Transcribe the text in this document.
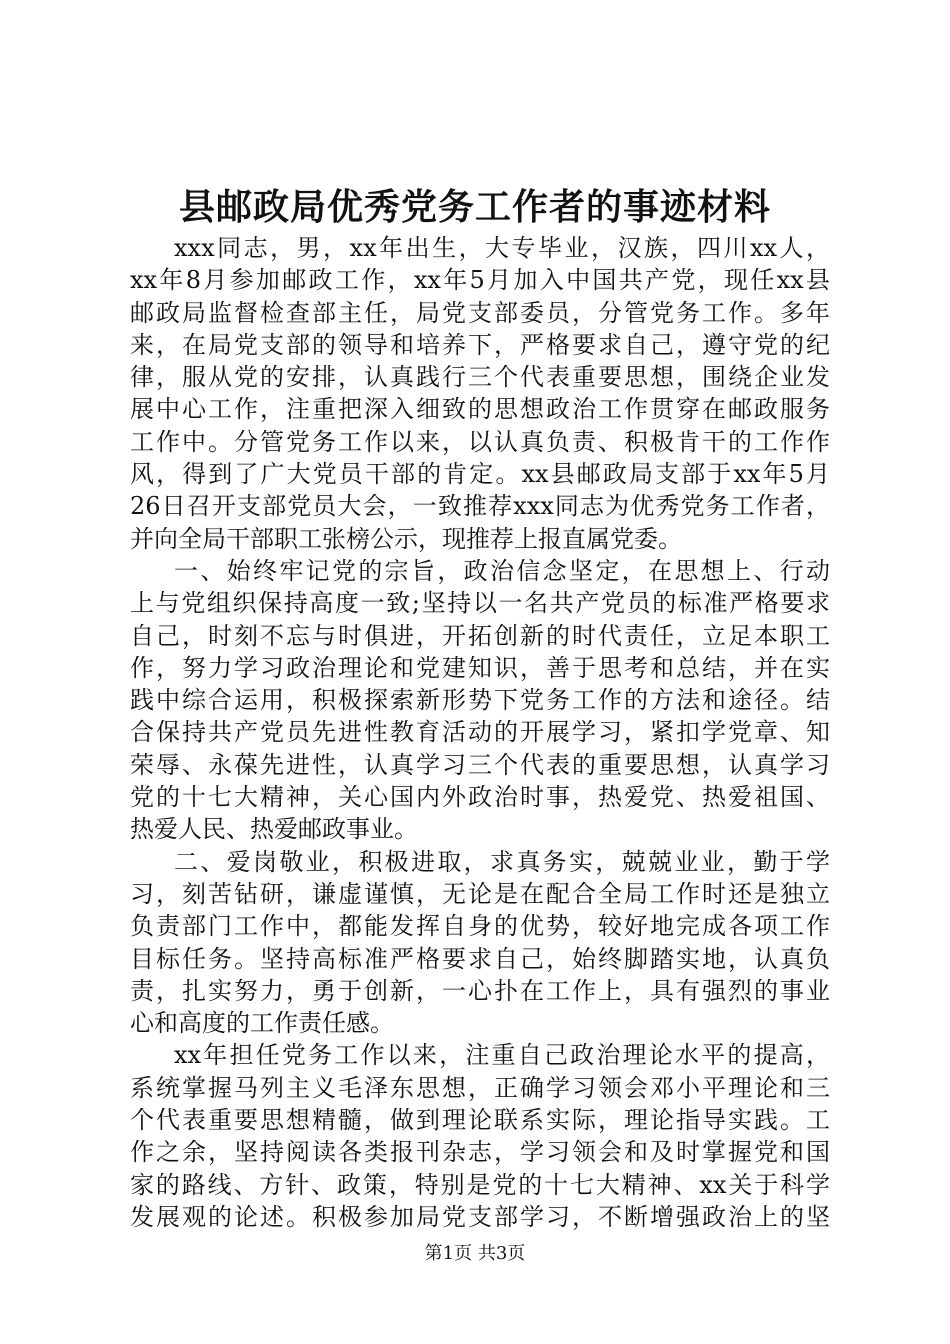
县邮政局优秀党务工作者的事迹材料
xxx同志，男，xx年出生，大专毕业，汉族，四川xx人，
xx年8月参加邮政工作，xx年5月加入中国共产党，现任xx县
邮政局监督检查部主任，局党支部委员，分管党务工作。多年
来，在局党支部的领导和培养下，严格要求自己，遵守党的纪
律，服从党的安排，认真践行三个代表重要思想，围绕企业发
展中心工作，注重把深入细致的思想政治工作贯穿在邮政服务
工作中。分管党务工作以来，以认真负责、积极肯干的工作作
风，得到了广大党员干部的肯定。xx县邮政局支部于xx年5月
26日召开支部党员大会，一致推荐xxx同志为优秀党务工作者，
并向全局干部职工张榜公示，现推荐上报直属党委。
一、始终牢记党的宗旨，政治信念坚定，在思想上、行动
上与党组织保持高度一致;坚持以一名共产党员的标准严格要求
自己，时刻不忘与时俱进，开拓创新的时代责任，立足本职工
作，努力学习政治理论和党建知识，善于思考和总结，并在实
践中综合运用，积极探索新形势下党务工作的方法和途径。结
合保持共产党员先进性教育活动的开展学习，紧扣学党章、知
荣辱、永葆先进性，认真学习三个代表的重要思想，认真学习
党的十七大精神，关心国内外政治时事，热爱党、热爱祖国、
热爱人民、热爱邮政事业。
二、爱岗敬业，积极进取，求真务实，兢兢业业，勤于学
习，刻苦钻研，谦虚谨慎，无论是在配合全局工作时还是独立
负责部门工作中，都能发挥自身的优势，较好地完成各项工作
目标任务。坚持高标准严格要求自己，始终脚踏实地，认真负
责，扎实努力，勇于创新，一心扑在工作上，具有强烈的事业
心和高度的工作责任感。
xx年担任党务工作以来，注重自己政治理论水平的提高，
系统掌握马列主义毛泽东思想，正确学习领会邓小平理论和三
个代表重要思想精髓，做到理论联系实际，理论指导实践。工
作之余，坚持阅读各类报刊杂志，学习领会和及时掌握党和国
家的路线、方针、政策，特别是党的十七大精神、xx关于科学
发展观的论述。积极参加局党支部学习，不断增强政治上的坚
第1页 共3页
